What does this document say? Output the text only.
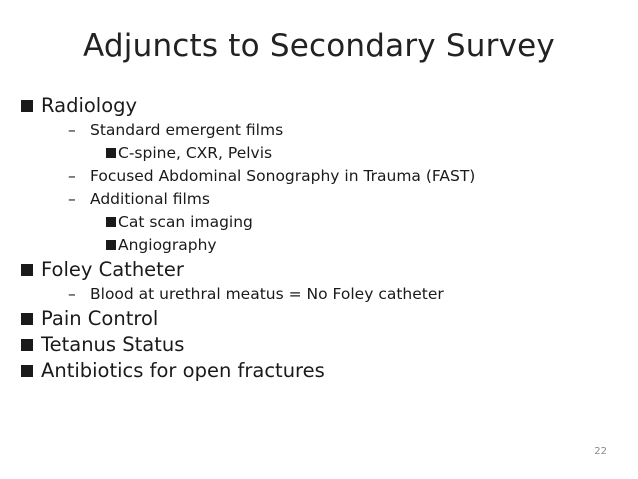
Adjuncts to Secondary Survey
Radiology
– Standard emergent films
C-spine, CXR, Pelvis
– Focused Abdominal Sonography in Trauma (FAST)
– Additional films
Cat scan imaging
Angiography
Foley Catheter
– Blood at urethral meatus = No Foley catheter
Pain Control
Tetanus Status
Antibiotics for open fractures
22
